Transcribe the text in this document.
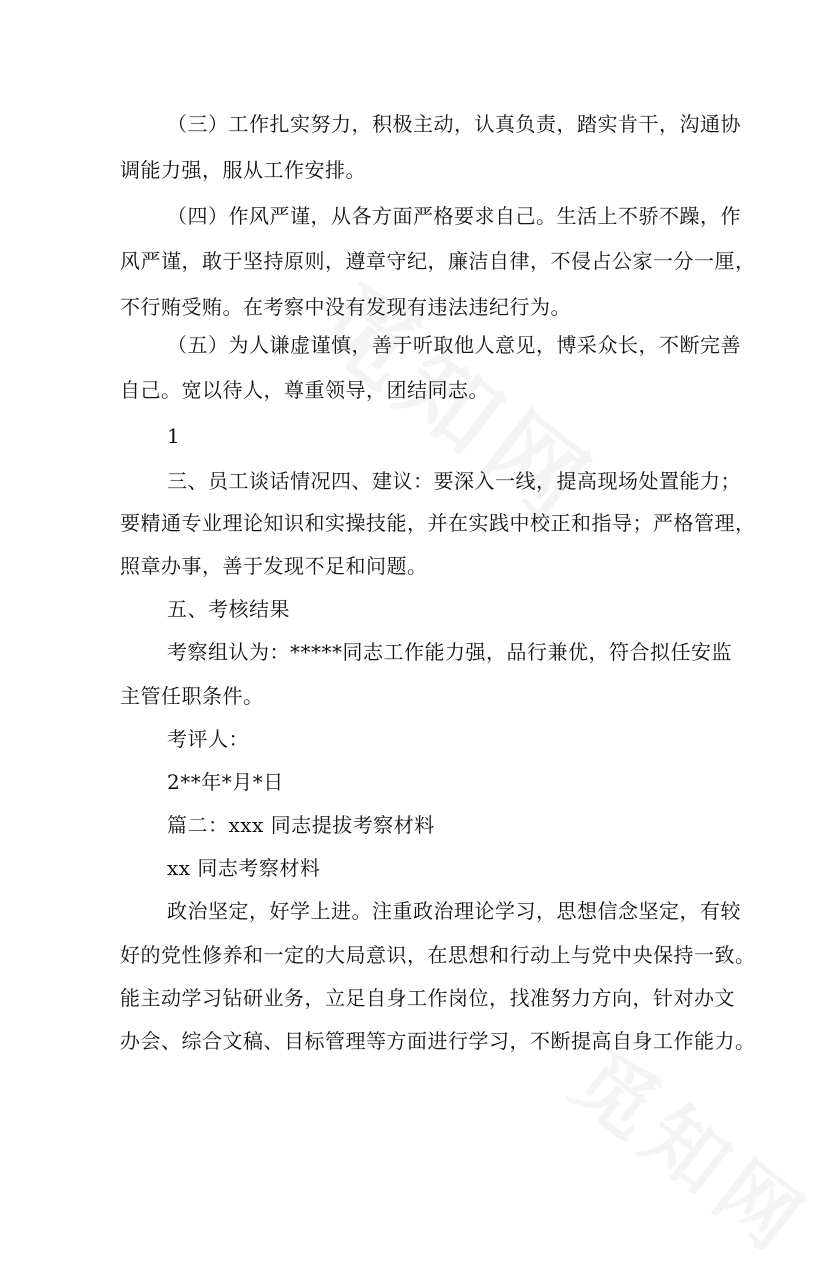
（三）工作扎实努力，积极主动，认真负责，踏实肯干，沟通协
调能力强，服从工作安排。
（四）作风严谨，从各方面严格要求自己。生活上不骄不躁，作
风严谨，敢于坚持原则，遵章守纪，廉洁自律，不侵占公家一分一厘，
不行贿受贿。在考察中没有发现有违法违纪行为。
（五）为人谦虚谨慎，善于听取他人意见，博采众长，不断完善
自己。宽以待人，尊重领导，团结同志。
1
三、员工谈话情况四、建议：要深入一线，提高现场处置能力；
要精通专业理论知识和实操技能，并在实践中校正和指导；严格管理，
照章办事，善于发现不足和问题。
五、考核结果
考察组认为：*****同志工作能力强，品行兼优，符合拟任安监
主管任职条件。
考评人：
2**年*月*日
篇二：xxx 同志提拔考察材料
xx 同志考察材料
政治坚定，好学上进。注重政治理论学习，思想信念坚定，有较
好的党性修养和一定的大局意识，在思想和行动上与党中央保持一致。
能主动学习钻研业务，立足自身工作岗位，找准努力方向，针对办文
办会、综合文稿、目标管理等方面进行学习，不断提高自身工作能力。
